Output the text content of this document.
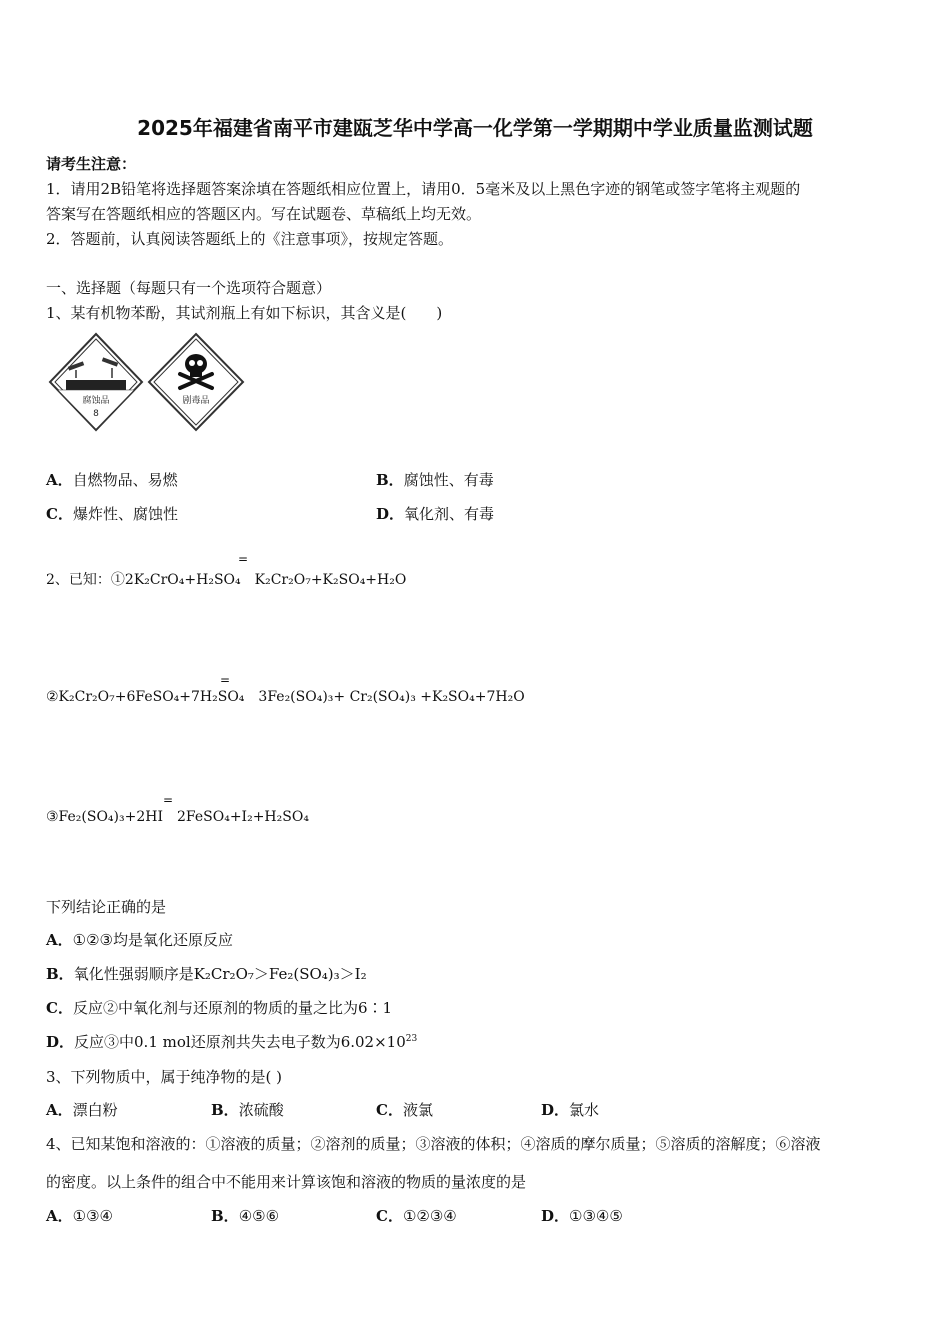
2025年福建省南平市建瓯芝华中学高一化学第一学期期中学业质量监测试题
请考生注意：
1．请用2B铅笔将选择题答案涂填在答题纸相应位置上，请用0．5毫米及以上黑色字迹的钢笔或签字笔将主观题的
答案写在答题纸相应的答题区内。写在试题卷、草稿纸上均无效。
2．答题前，认真阅读答题纸上的《注意事项》，按规定答题。
一、选择题（每题只有一个选项符合题意）
1、某有机物苯酚，其试剂瓶上有如下标识，其含义是(　　)
腐蚀品
8
剧毒品
A．自燃物品、易燃	B．腐蚀性、有毒
C．爆炸性、腐蚀性	D．氧化剂、有毒
=
2、已知：①2K₂CrO₄+H₂SO₄ K₂Cr₂O₇+K₂SO₄+H₂O
=
②K₂Cr₂O₇+6FeSO₄+7H₂SO₄ 3Fe₂(SO₄)₃+ Cr₂(SO₄)₃ +K₂SO₄+7H₂O
=
③Fe₂(SO₄)₃+2HI 2FeSO₄+I₂+H₂SO₄
下列结论正确的是
A．①②③均是氧化还原反应
B．氧化性强弱顺序是K₂Cr₂O₇＞Fe₂(SO₄)₃＞I₂
C．反应②中氧化剂与还原剂的物质的量之比为6∶1
D．反应③中0.1 mol还原剂共失去电子数为$6.02\times 10^{23}$
3、下列物质中，属于纯净物的是( )
A．漂白粉	B．浓硫酸	C．液氯	D．氯水
4、已知某饱和溶液的：①溶液的质量；②溶剂的质量；③溶液的体积；④溶质的摩尔质量；⑤溶质的溶解度；⑥溶液
的密度。以上条件的组合中不能用来计算该饱和溶液的物质的量浓度的是
A．①③④	B．④⑤⑥	C．①②③④	D．①③④⑤
